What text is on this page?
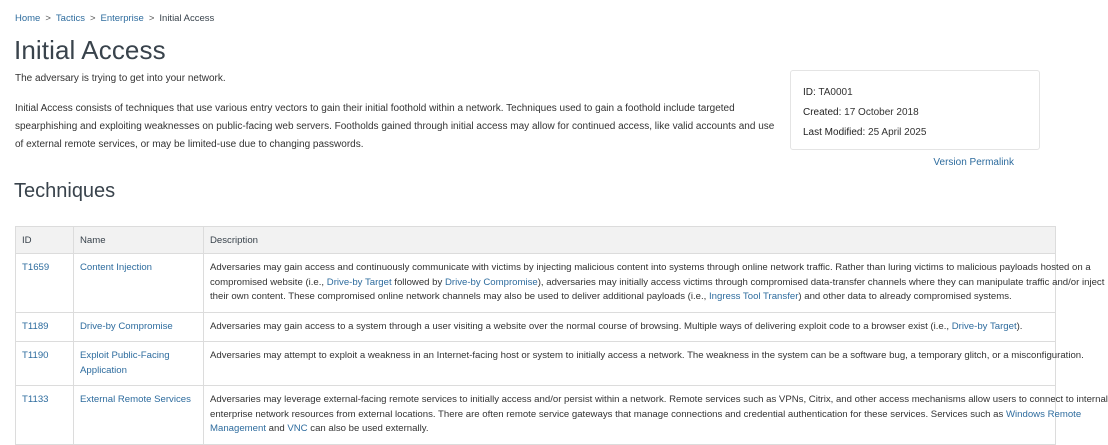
Home > Tactics > Enterprise > Initial Access
Initial Access

The adversary is trying to get into your network.

Initial Access consists of techniques that use various entry vectors to gain their initial foothold within a network. Techniques used to gain a foothold include targeted
spearphishing and exploiting weaknesses on public-facing web servers. Footholds gained through initial access may allow for continued access, like valid accounts and use
of external remote services, or may be limited-use due to changing passwords.
ID: TA0001
Created: 17 October 2018
Last Modified: 25 April 2025
Version Permalink
Techniques
ID	Name	Description
T1659	Content Injection	Adversaries may gain access and continuously communicate with victims by injecting malicious content into systems through online network traffic. Rather than luring victims to malicious payloads hosted on a
compromised website (i.e., Drive-by Target followed by Drive-by Compromise), adversaries may initially access victims through compromised data-transfer channels where they can manipulate traffic and/or inject
their own content. These compromised online network channels may also be used to deliver additional payloads (i.e., Ingress Tool Transfer) and other data to already compromised systems.

T1189	Drive-by Compromise	Adversaries may gain access to a system through a user visiting a website over the normal course of browsing. Multiple ways of delivering exploit code to a browser exist (i.e., Drive-by Target).

T1190	Exploit Public-Facing
Application	Adversaries may attempt to exploit a weakness in an Internet-facing host or system to initially access a network. The weakness in the system can be a software bug, a temporary glitch, or a misconfiguration.

T1133	External Remote Services	Adversaries may leverage external-facing remote services to initially access and/or persist within a network. Remote services such as VPNs, Citrix, and other access mechanisms allow users to connect to internal
enterprise network resources from external locations. There are often remote service gateways that manage connections and credential authentication for these services. Services such as Windows Remote
Management and VNC can also be used externally.
